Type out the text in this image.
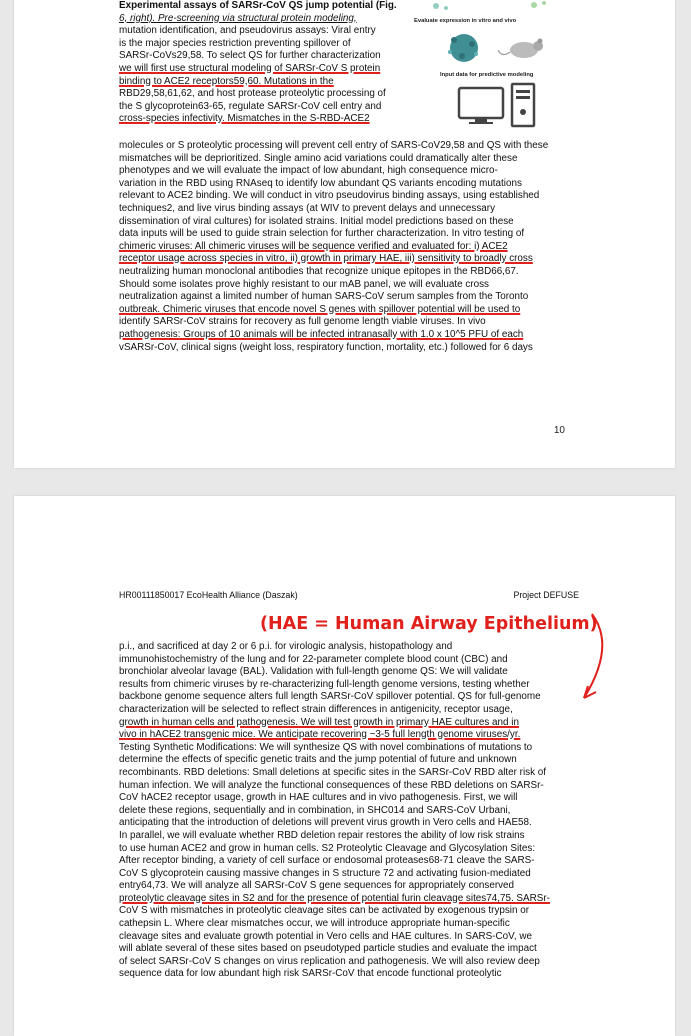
Evaluate expression in vitro and vivo
Input data for predictive modeling
Experimental assays of SARSr-CoV QS jump potential (Fig.
6, right). Pre-screening via structural protein modeling,
mutation identification, and pseudovirus assays: Viral entry
is the major species restriction preventing spillover of
SARSr-CoVs29,58. To select QS for further characterization
we will first use structural modeling of SARSr-CoV S protein
binding to ACE2 receptors59,60. Mutations in the
RBD29,58,61,62, and host protease proteolytic processing of
the S glycoprotein63-65, regulate SARSr-CoV cell entry and
cross-species infectivity. Mismatches in the S-RBD-ACE2
molecules or S proteolytic processing will prevent cell entry of SARS-CoV29,58 and QS with these
mismatches will be deprioritized. Single amino acid variations could dramatically alter these
phenotypes and we will evaluate the impact of low abundant, high consequence micro-
variation in the RBD using RNAseq to identify low abundant QS variants encoding mutations
relevant to ACE2 binding. We will conduct in vitro pseudovirus binding assays, using established
techniques2, and live virus binding assays (at WIV to prevent delays and unnecessary
dissemination of viral cultures) for isolated strains. Initial model predictions based on these
data inputs will be used to guide strain selection for further characterization. In vitro testing of
chimeric viruses: All chimeric viruses will be sequence verified and evaluated for: i) ACE2
receptor usage across species in vitro, ii) growth in primary HAE, iii) sensitivity to broadly cross
neutralizing human monoclonal antibodies that recognize unique epitopes in the RBD66,67.
Should some isolates prove highly resistant to our mAB panel, we will evaluate cross
neutralization against a limited number of human SARS-CoV serum samples from the Toronto
outbreak. Chimeric viruses that encode novel S genes with spillover potential will be used to
identify SARSr-CoV strains for recovery as full genome length viable viruses. In vivo
pathogenesis: Groups of 10 animals will be infected intranasally with 1.0 x 10^5 PFU of each
vSARSr-CoV, clinical signs (weight loss, respiratory function, mortality, etc.) followed for 6 days
10
HR00111850017 EcoHealth Alliance (Daszak)	Project DEFUSE
(HAE = Human Airway Epithelium)
p.i., and sacrificed at day 2 or 6 p.i. for virologic analysis, histopathology and
immunohistochemistry of the lung and for 22-parameter complete blood count (CBC) and
bronchiolar alveolar lavage (BAL). Validation with full-length genome QS: We will validate
results from chimeric viruses by re-characterizing full-length genome versions, testing whether
backbone genome sequence alters full length SARSr-CoV spillover potential. QS for full-genome
characterization will be selected to reflect strain differences in antigenicity, receptor usage,
growth in human cells and pathogenesis. We will test growth in primary HAE cultures and in
vivo in hACE2 transgenic mice. We anticipate recovering ~3-5 full length genome viruses/yr.
Testing Synthetic Modifications: We will synthesize QS with novel combinations of mutations to
determine the effects of specific genetic traits and the jump potential of future and unknown
recombinants. RBD deletions: Small deletions at specific sites in the SARSr-CoV RBD alter risk of
human infection. We will analyze the functional consequences of these RBD deletions on SARSr-
CoV hACE2 receptor usage, growth in HAE cultures and in vivo pathogenesis. First, we will
delete these regions, sequentially and in combination, in SHC014 and SARS-CoV Urbani,
anticipating that the introduction of deletions will prevent virus growth in Vero cells and HAE58.
In parallel, we will evaluate whether RBD deletion repair restores the ability of low risk strains
to use human ACE2 and grow in human cells. S2 Proteolytic Cleavage and Glycosylation Sites:
After receptor binding, a variety of cell surface or endosomal proteases68-71 cleave the SARS-
CoV S glycoprotein causing massive changes in S structure 72 and activating fusion-mediated
entry64,73. We will analyze all SARSr-CoV S gene sequences for appropriately conserved
proteolytic cleavage sites in S2 and for the presence of potential furin cleavage sites74,75. SARSr-
CoV S with mismatches in proteolytic cleavage sites can be activated by exogenous trypsin or
cathepsin L. Where clear mismatches occur, we will introduce appropriate human-specific
cleavage sites and evaluate growth potential in Vero cells and HAE cultures. In SARS-CoV, we
will ablate several of these sites based on pseudotyped particle studies and evaluate the impact
of select SARSr-CoV S changes on virus replication and pathogenesis. We will also review deep
sequence data for low abundant high risk SARSr-CoV that encode functional proteolytic
